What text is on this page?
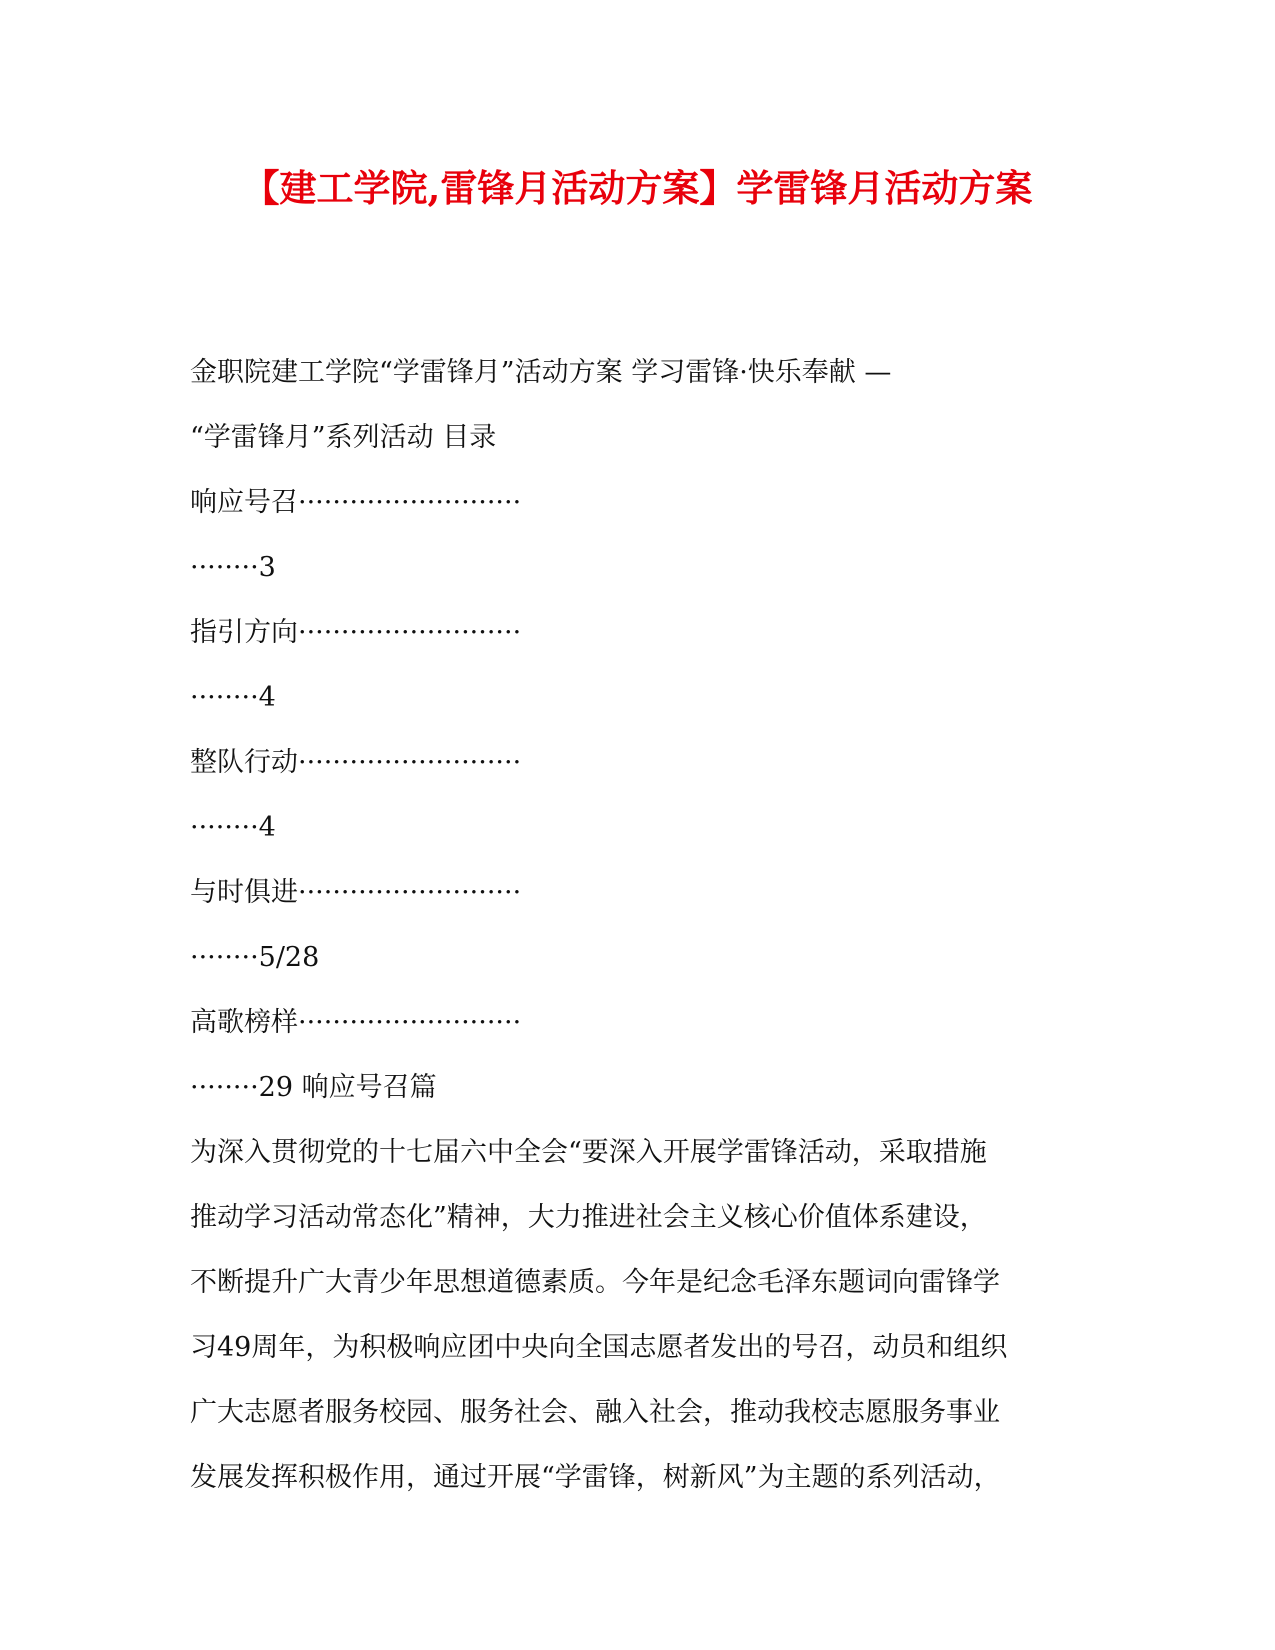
【建工学院,雷锋月活动方案】学雷锋月活动方案
金职院建工学院“学雷锋月”活动方案 学习雷锋·快乐奉献 —
“学雷锋月”系列活动 目录
响应号召··························
········3
指引方向··························
········4
整队行动··························
········4
与时俱进··························
········5/28
高歌榜样··························
········29 响应号召篇
为深入贯彻党的十七届六中全会“要深入开展学雷锋活动，采取措施
推动学习活动常态化”精神，大力推进社会主义核心价值体系建设，
不断提升广大青少年思想道德素质。今年是纪念毛泽东题词向雷锋学
习49周年，为积极响应团中央向全国志愿者发出的号召，动员和组织
广大志愿者服务校园、服务社会、融入社会，推动我校志愿服务事业
发展发挥积极作用，通过开展“学雷锋，树新风”为主题的系列活动，
